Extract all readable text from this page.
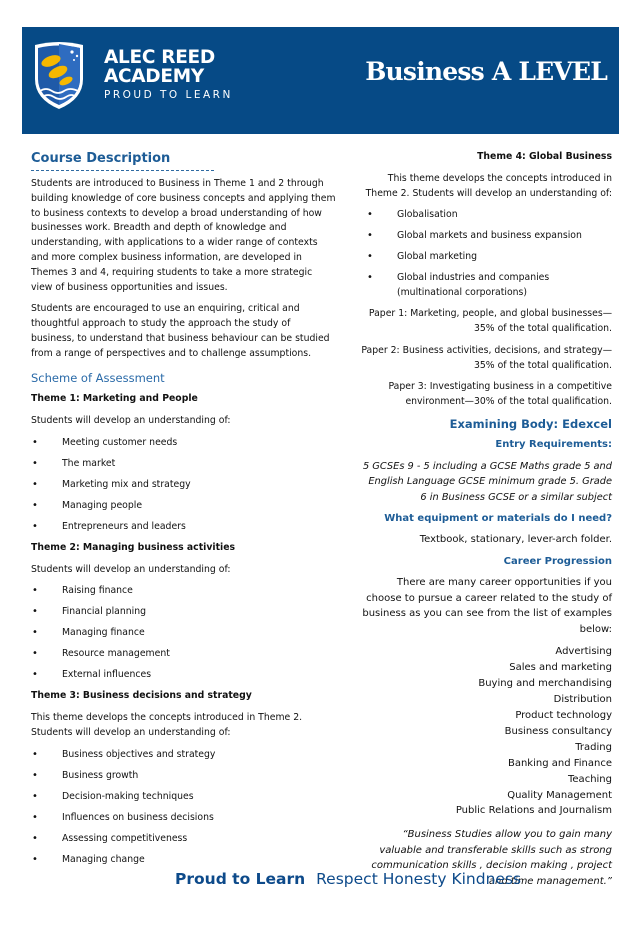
ALEC REED
ACADEMY
PROUD TO LEARN
Business A LEVEL
Course Description

Students are introduced to Business in Theme 1 and 2 through building knowledge of core business concepts and applying them to business contexts to develop a broad understanding of how businesses work. Breadth and depth of knowledge and understanding, with applications to a wider range of contexts and more complex business information, are developed in Themes 3 and 4, requiring students to take a more strategic view of business opportunities and issues.

Students are encouraged to use an enquiring, critical and thoughtful approach to study the approach the study of business, to understand that business behaviour can be studied from a range of perspectives and to challenge assumptions.

Scheme of Assessment
Theme 1: Marketing and People

Students will develop an understanding of:

• Meeting customer needs
• The market
• Marketing mix and strategy
• Managing people
• Entrepreneurs and leaders
Theme 2: Managing business activities

Students will develop an understanding of:

• Raising finance
• Financial planning
• Managing finance
• Resource management
• External influences
Theme 3: Business decisions and strategy

This theme develops the concepts introduced in Theme 2. Students will develop an understanding of:

• Business objectives and strategy
• Business growth
• Decision-making techniques
• Influences on business decisions
• Assessing competitiveness
• Managing change
Theme 4: Global Business

This theme develops the concepts introduced in Theme 2. Students will develop an understanding of:

• Globalisation
• Global markets and business expansion
• Global marketing
• Global industries and companies (multinational corporations)

Paper 1: Marketing, people, and global businesses—35% of the total qualification.

Paper 2: Business activities, decisions, and strategy—35% of the total qualification.

Paper 3: Investigating business in a competitive environment—30% of the total qualification.

Examining Body: Edexcel
Entry Requirements:

5 GCSEs 9 - 5 including a GCSE Maths grade 5 and English Language GCSE minimum grade 5. Grade 6 in Business GCSE or a similar subject

What equipment or materials do I need?

Textbook, stationary, lever-arch folder.

Career Progression

There are many career opportunities if you choose to pursue a career related to the study of business as you can see from the list of examples below:

Advertising
Sales and marketing
Buying and merchandising
Distribution
Product technology
Business consultancy
Trading
Banking and Finance
Teaching
Quality Management
Public Relations and Journalism
“Business Studies allow you to gain many valuable and transferable skills such as strong communication skills , decision making , project and time management.”
Proud to Learn Respect Honesty Kindness
